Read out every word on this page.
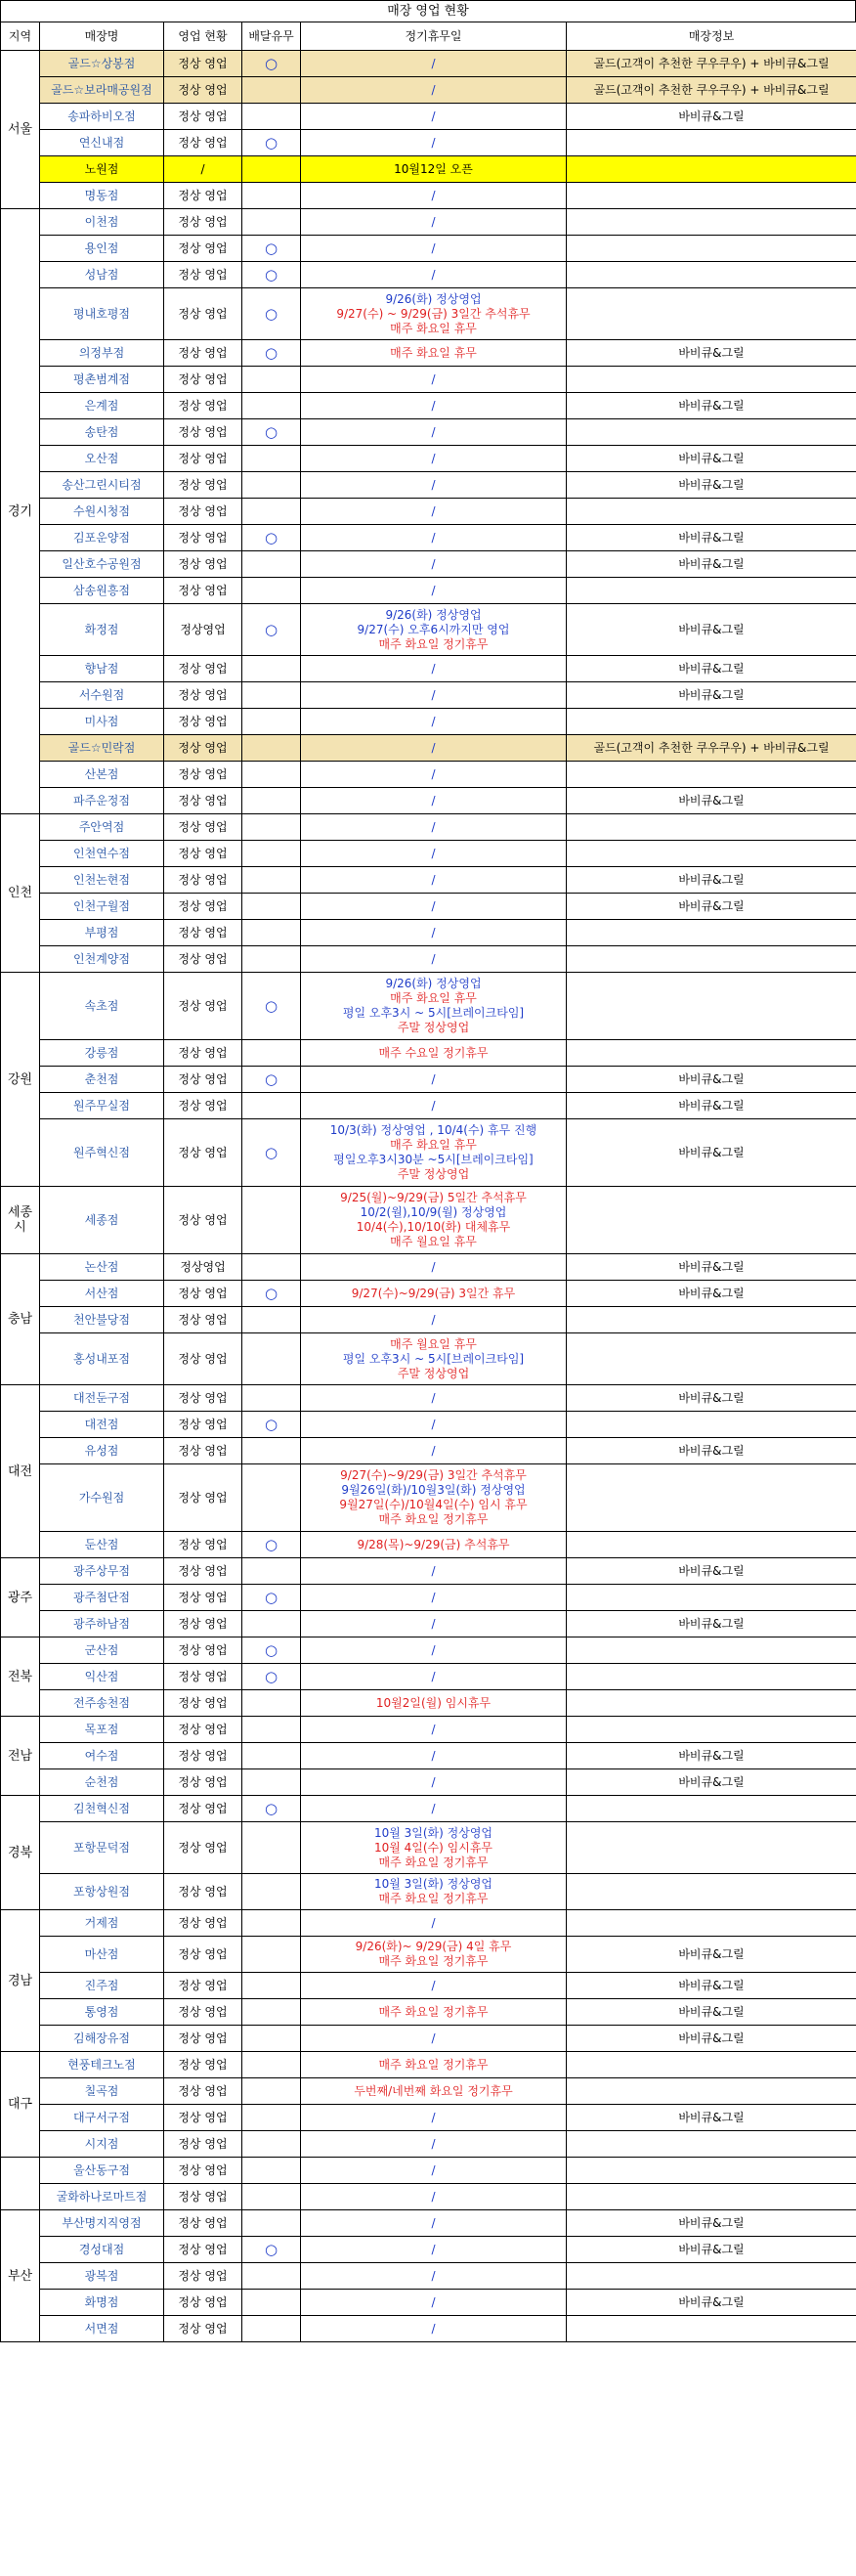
매장 영업 현황
지역	매장명	영업 현황	배달유무	정기휴무일	매장정보
서울	골드☆상봉점	정상 영업	○	/	골드(고객이 추천한 쿠우쿠우) + 바비큐&그릴
	골드☆보라매공원점	정상 영업		/	골드(고객이 추천한 쿠우쿠우) + 바비큐&그릴
	송파하비오점	정상 영업		/	바비큐&그릴
	연신내점	정상 영업	○	/	
	노원점	/		10월12일 오픈	

	명동점	정상 영업		/	
경기	이천점	정상 영업		/	
	용인점	정상 영업	○	/	
	성남점	정상 영업	○	/	
	평내호평점	정상 영업	○	9/26(화) 정상영업
9/27(수) ~ 9/29(금) 3일간 추석휴무
매주 화요일 휴무	

	의정부점	정상 영업	○	매주 화요일 휴무	바비큐&그릴
	평촌범계점	정상 영업		/	
	은계점	정상 영업		/	바비큐&그릴
	송탄점	정상 영업	○	/	
	오산점	정상 영업		/	바비큐&그릴
	송산그린시티점	정상 영업		/	바비큐&그릴
	수원시청점	정상 영업		/	
	김포운양점	정상 영업	○	/	바비큐&그릴
	일산호수공원점	정상 영업		/	바비큐&그릴
	삼송원흥점	정상 영업		/	
	화정점	정상영업	○	9/26(화) 정상영업
9/27(수) 오후6시까지만 영업
매주 화요일 정기휴무	바비큐&그릴
	향남점	정상 영업		/	바비큐&그릴
	서수원점	정상 영업		/	바비큐&그릴
	미사점	정상 영업		/	
	골드☆민락점	정상 영업		/	골드(고객이 추천한 쿠우쿠우) + 바비큐&그릴
	산본점	정상 영업		/	
	파주운정점	정상 영업		/	바비큐&그릴
인천	주안역점	정상 영업		/	
	인천연수점	정상 영업		/	
	인천논현점	정상 영업		/	바비큐&그릴
	인천구월점	정상 영업		/	바비큐&그릴
	부평점	정상 영업		/	
	인천계양점	정상 영업		/	
강원	속초점	정상 영업	○	9/26(화) 정상영업
매주 화요일 휴무
평일 오후3시 ~ 5시[브레이크타임]
주말 정상영업	

	강릉점	정상 영업		매주 수요일 정기휴무	

	춘천점	정상 영업	○	/	바비큐&그릴
	원주무실점	정상 영업		/	바비큐&그릴
	원주혁신점	정상 영업	○	10/3(화) 정상영업 , 10/4(수) 휴무 진행
매주 화요일 휴무
평일오후3시30분 ~5시[브레이크타임]
주말 정상영업	바비큐&그릴
세종시	세종점	정상 영업		9/25(월)~9/29(금) 5일간 추석휴무
10/2(월),10/9(월) 정상영업
10/4(수),10/10(화) 대체휴무
매주 월요일 휴무	

충남	논산점	정상영업		/	바비큐&그릴
	서산점	정상 영업	○	9/27(수)~9/29(금) 3일간 휴무	바비큐&그릴
	천안불당점	정상 영업		/	
	홍성내포점	정상 영업		매주 월요일 휴무
평일 오후3시 ~ 5시[브레이크타임]
주말 정상영업	

대전	대전둔구점	정상 영업		/	바비큐&그릴
	대전점	정상 영업	○	/	
	유성점	정상 영업		/	바비큐&그릴
	가수원점	정상 영업		9/27(수)~9/29(금) 3일간 추석휴무
9월26일(화)/10월3일(화) 정상영업
9월27일(수)/10월4일(수) 임시 휴무
매주 화요일 정기휴무	

	둔산점	정상 영업	○	9/28(목)~9/29(금) 추석휴무	

광주	광주상무점	정상 영업		/	바비큐&그릴
	광주첨단점	정상 영업	○	/	
	광주하남점	정상 영업		/	바비큐&그릴
전북	군산점	정상 영업	○	/	
	익산점	정상 영업	○	/	
	전주송천점	정상 영업		10월2일(월) 임시휴무	

전남	목포점	정상 영업		/	
	여수점	정상 영업		/	바비큐&그릴
	순천점	정상 영업		/	바비큐&그릴
경북	김천혁신점	정상 영업	○	/	
	포항문덕점	정상 영업		10월 3일(화) 정상영업
10월 4일(수) 임시휴무
매주 화요일 정기휴무	

	포항상원점	정상 영업		10월 3일(화) 정상영업
매주 화요일 정기휴무	

경남	거제점	정상 영업		/	
	마산점	정상 영업		9/26(화)~ 9/29(금) 4일 휴무
매주 화요일 정기휴무	바비큐&그릴
	진주점	정상 영업		/	바비큐&그릴
	통영점	정상 영업		매주 화요일 정기휴무	바비큐&그릴
	김해장유점	정상 영업		/	바비큐&그릴
대구	현풍테크노점	정상 영업		매주 화요일 정기휴무	

	칠곡점	정상 영업		두번째/네번째 화요일 정기휴무	

	대구서구점	정상 영업		/	바비큐&그릴
	시지점	정상 영업		/	
	울산동구점	정상 영업		/	
	굴화하나로마트점	정상 영업		/	
부산	부산명지직영점	정상 영업		/	바비큐&그릴
	경성대점	정상 영업	○	/	바비큐&그릴
	광복점	정상 영업		/	
	화명점	정상 영업		/	바비큐&그릴
	서면점	정상 영업		/	
